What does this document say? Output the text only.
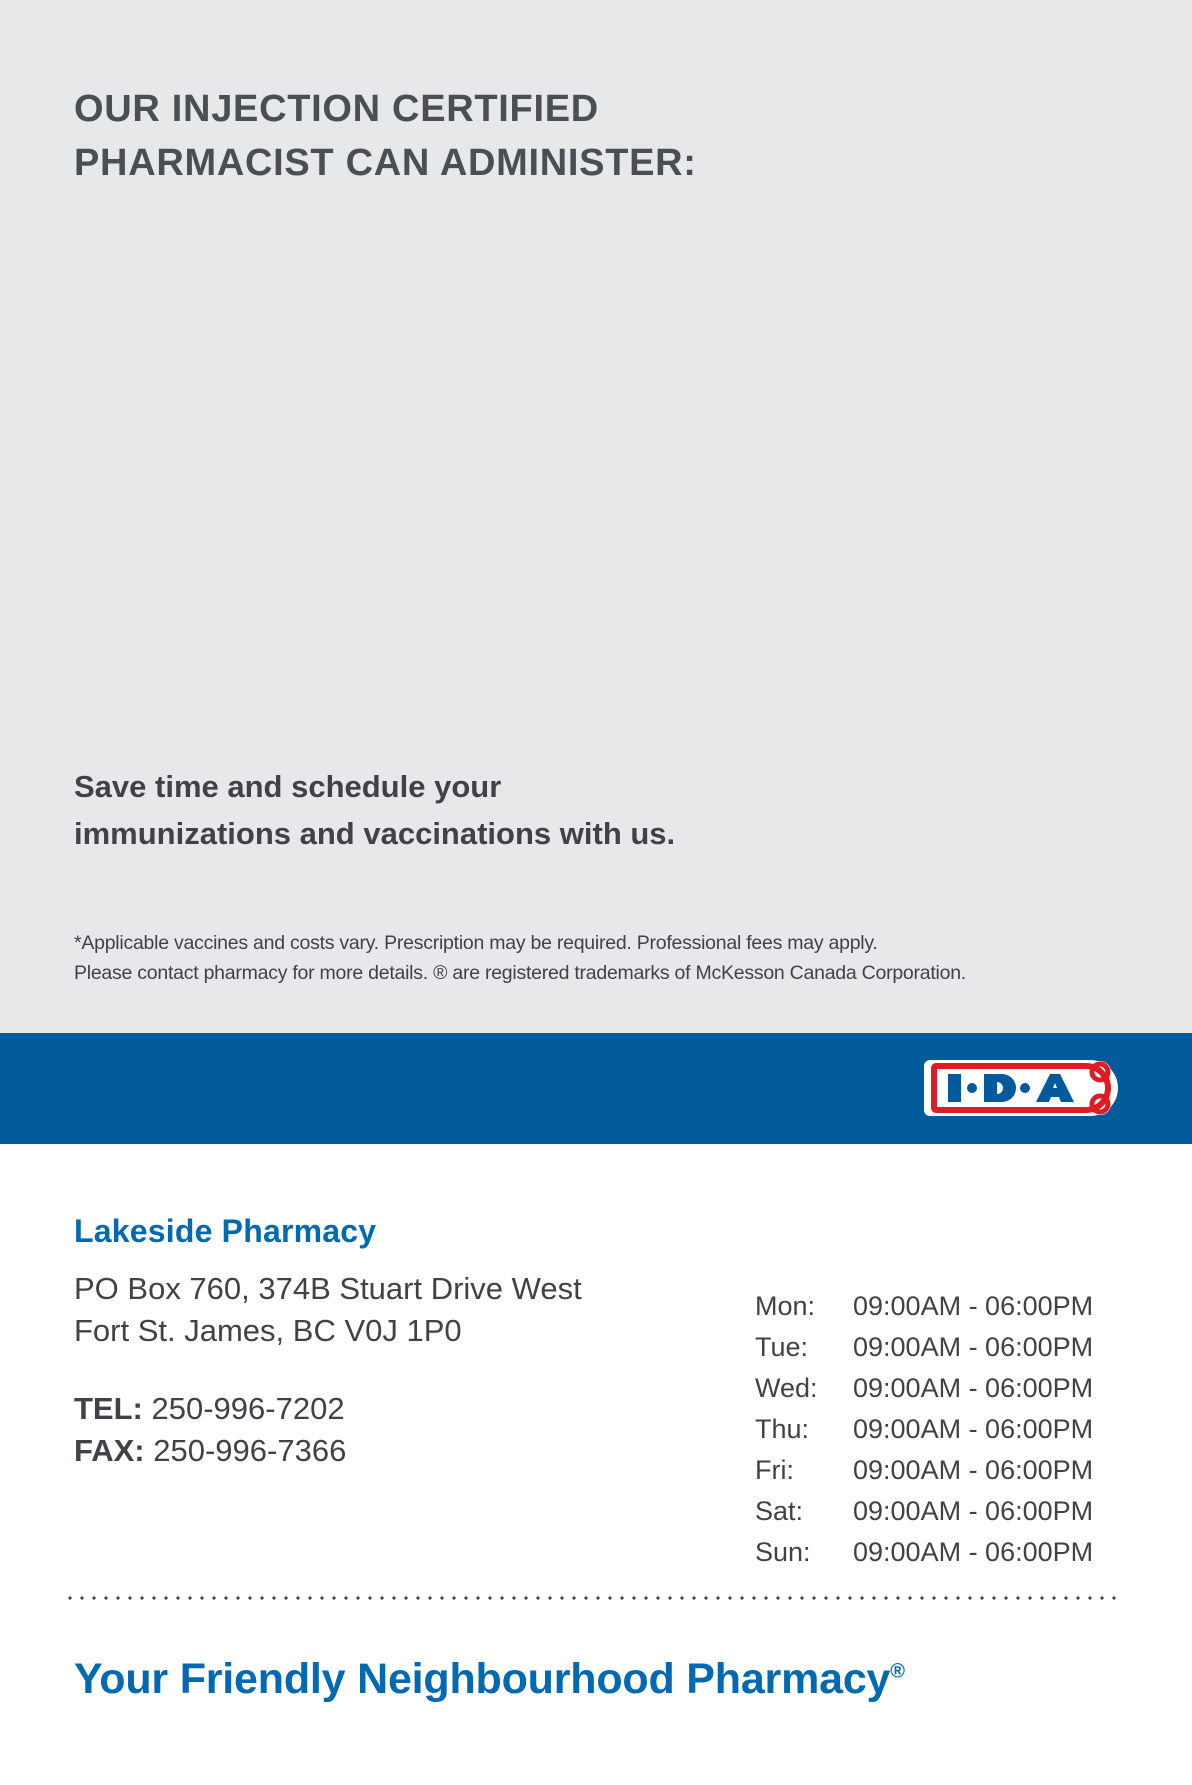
OUR INJECTION CERTIFIED
PHARMACIST CAN ADMINISTER:
Save time and schedule your
immunizations and vaccinations with us.
*Applicable vaccines and costs vary. Prescription may be required. Professional fees may apply.
Please contact pharmacy for more details. ® are registered trademarks of McKesson Canada Corporation.
Lakeside Pharmacy
PO Box 760, 374B Stuart Drive West
Fort St. James, BC V0J 1P0
TEL: 250-996-7202
FAX: 250-996-7366
Mon:	09:00AM - 06:00PM
Tue:	09:00AM - 06:00PM
Wed:	09:00AM - 06:00PM
Thu:	09:00AM - 06:00PM
Fri:	09:00AM - 06:00PM
Sat:	09:00AM - 06:00PM
Sun:	09:00AM - 06:00PM
Your Friendly Neighbourhood Pharmacy®
